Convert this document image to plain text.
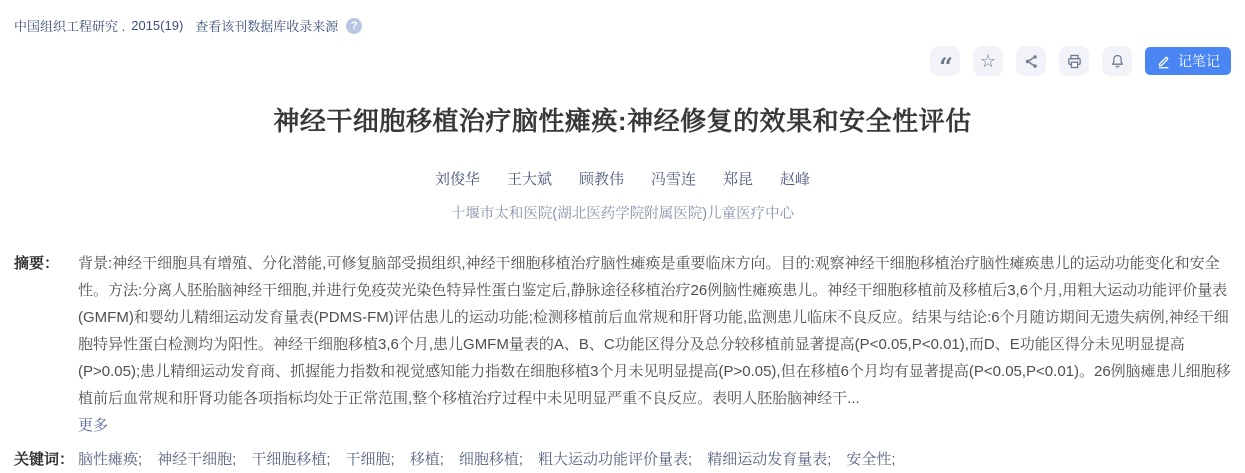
中国组织工程研究 . 2015(19) 查看该刊数据库收录来源	?
“ ☆	记笔记
神经干细胞移植治疗脑性瘫痪:神经修复的效果和安全性评估
刘俊华 王大斌 顾教伟 冯雪连 郑昆 赵峰
十堰市太和医院(湖北医药学院附属医院)儿童医疗中心
摘要：	背景:神经干细胞具有增殖、分化潜能,可修复脑部受损组织,神经干细胞移植治疗脑性瘫痪是重要临床方向。目的:观察神经干细胞移植治疗脑性瘫痪患儿的运动功能变化和安全性。方法:分离人胚胎脑神经干细胞,并进行免疫荧光染色特异性蛋白鉴定后,静脉途径移植治疗26例脑性瘫痪患儿。神经干细胞移植前及移植后3,6个月,用粗大运动功能评价量表(GMFM)和婴幼儿精细运动发育量表(PDMS-FM)评估患儿的运动功能;检测移植前后血常规和肝肾功能,监测患儿临床不良反应。结果与结论:6个月随访期间无遗失病例,神经干细胞特异性蛋白检测均为阳性。神经干细胞移植3,6个月,患儿GMFM量表的A、B、C功能区得分及总分较移植前显著提高(P<0.05,P<0.01),而D、E功能区得分未见明显提高(P>0.05);患儿精细运动发育商、抓握能力指数和视觉感知能力指数在细胞移植3个月未见明显提高(P>0.05),但在移植6个月均有显著提高(P<0.05,P<0.01)。26例脑瘫患儿细胞移植前后血常规和肝肾功能各项指标均处于正常范围,整个移植治疗过程中未见明显严重不良反应。表明人胚胎脑神经干...
更多
关键词： 脑性瘫痪; 神经干细胞; 干细胞移植; 干细胞; 移植; 细胞移植; 粗大运动功能评价量表; 精细运动发育量表; 安全性;
